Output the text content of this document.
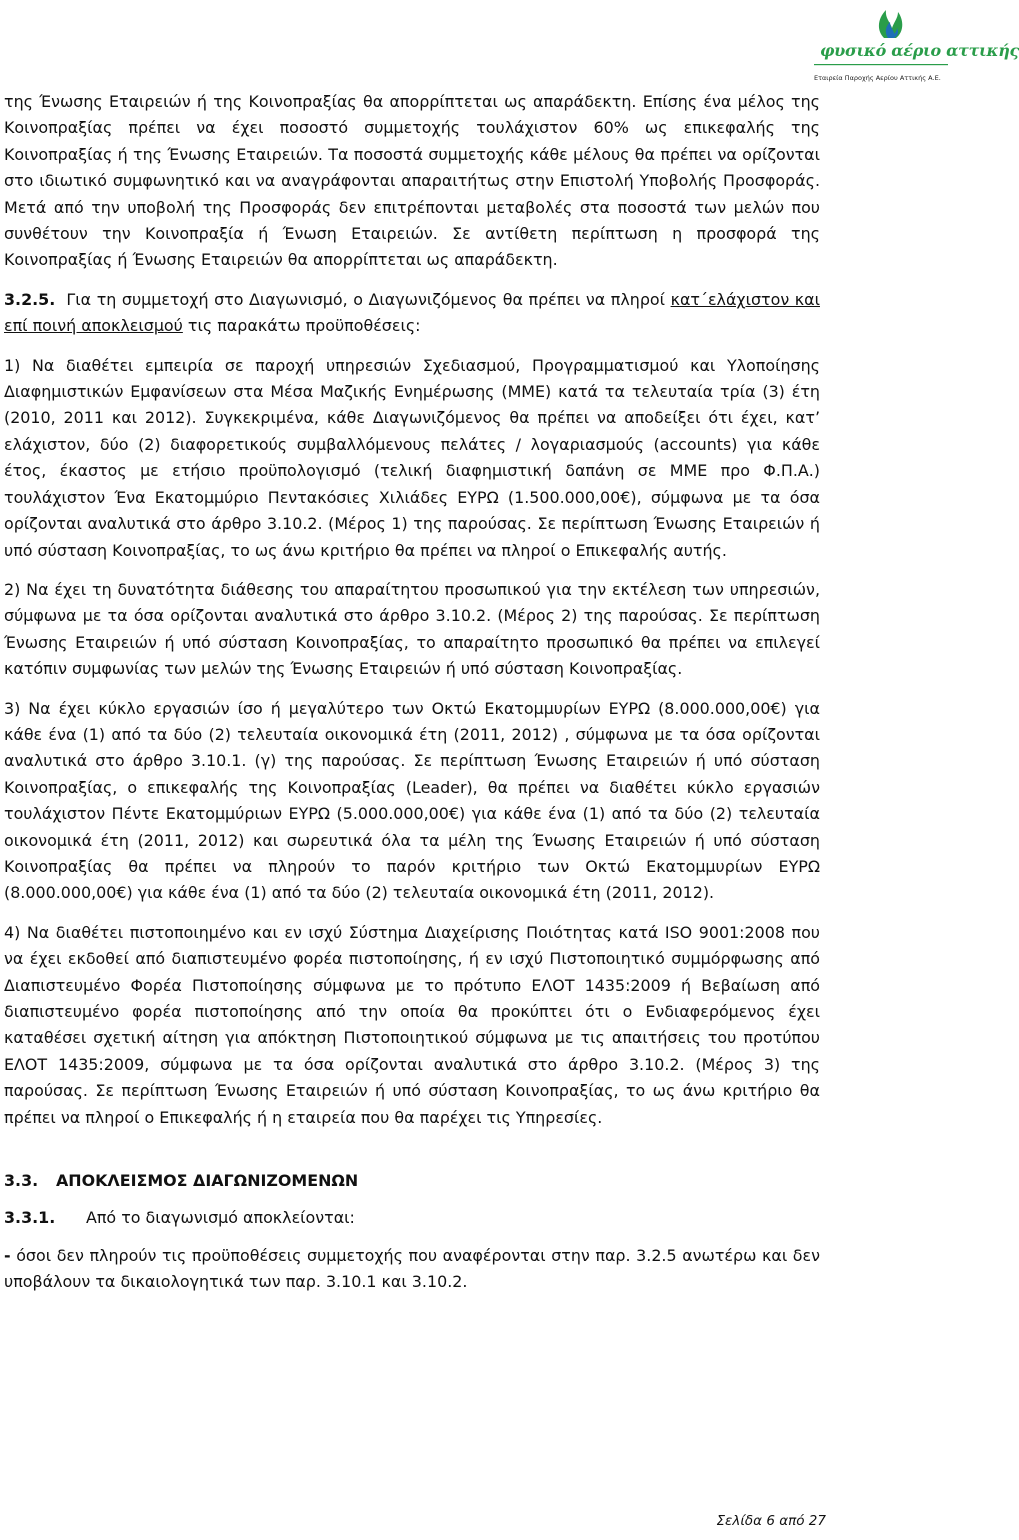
φυσικό αέριο αττικής
Εταιρεία Παροχής Αερίου Αττικής Α.Ε.

της Ένωσης Εταιρειών ή της Κοινοπραξίας θα απορρίπτεται ως απαράδεκτη. Επίσης ένα μέλος της Κοινοπραξίας πρέπει να έχει ποσοστό συμμετοχής τουλάχιστον 60% ως επικεφαλής της Κοινοπραξίας ή της Ένωσης Εταιρειών. Τα ποσοστά συμμετοχής κάθε μέλους θα πρέπει να ορίζονται στο ιδιωτικό συμφωνητικό και να αναγράφονται απαραιτήτως στην Επιστολή Υποβολής Προσφοράς. Μετά από την υποβολή της Προσφοράς δεν επιτρέπονται μεταβολές στα ποσοστά των μελών που συνθέτουν την Κοινοπραξία ή Ένωση Εταιρειών. Σε αντίθετη περίπτωση η προσφορά της Κοινοπραξίας ή Ένωσης Εταιρειών θα απορρίπτεται ως απαράδεκτη.

3.2.5. Για τη συμμετοχή στο Διαγωνισμό, ο Διαγωνιζόμενος θα πρέπει να πληροί κατ΄ελάχιστον και επί ποινή αποκλεισμού τις παρακάτω προϋποθέσεις:

1) Να διαθέτει εμπειρία σε παροχή υπηρεσιών Σχεδιασμού, Προγραμματισμού και Υλοποίησης Διαφημιστικών Εμφανίσεων στα Μέσα Μαζικής Ενημέρωσης (ΜΜΕ) κατά τα τελευταία τρία (3) έτη (2010, 2011 και 2012). Συγκεκριμένα, κάθε Διαγωνιζόμενος θα πρέπει να αποδείξει ότι έχει, κατ’ ελάχιστον, δύο (2) διαφορετικούς συμβαλλόμενους πελάτες / λογαριασμούς (accounts) για κάθε έτος, έκαστος με ετήσιο προϋπολογισμό (τελική διαφημιστική δαπάνη σε ΜΜΕ προ Φ.Π.Α.) τουλάχιστον Ένα Εκατομμύριο Πεντακόσιες Χιλιάδες ΕΥΡΩ (1.500.000,00€), σύμφωνα με τα όσα ορίζονται αναλυτικά στο άρθρο 3.10.2. (Μέρος 1) της παρούσας. Σε περίπτωση Ένωσης Εταιρειών ή υπό σύσταση Κοινοπραξίας, το ως άνω κριτήριο θα πρέπει να πληροί ο Επικεφαλής αυτής.

2) Να έχει τη δυνατότητα διάθεσης του απαραίτητου προσωπικού για την εκτέλεση των υπηρεσιών, σύμφωνα με τα όσα ορίζονται αναλυτικά στο άρθρο 3.10.2. (Μέρος 2) της παρούσας. Σε περίπτωση Ένωσης Εταιρειών ή υπό σύσταση Κοινοπραξίας, το απαραίτητο προσωπικό θα πρέπει να επιλεγεί κατόπιν συμφωνίας των μελών της Ένωσης Εταιρειών ή υπό σύσταση Κοινοπραξίας.

3) Να έχει κύκλο εργασιών ίσο ή μεγαλύτερο των Οκτώ Εκατομμυρίων ΕΥΡΩ (8.000.000,00€) για κάθε ένα (1) από τα δύο (2) τελευταία οικονομικά έτη (2011, 2012) , σύμφωνα με τα όσα ορίζονται αναλυτικά στο άρθρο 3.10.1. (γ) της παρούσας. Σε περίπτωση Ένωσης Εταιρειών ή υπό σύσταση Κοινοπραξίας, ο επικεφαλής της Κοινοπραξίας (Leader), θα πρέπει να διαθέτει κύκλο εργασιών τουλάχιστον Πέντε Εκατομμύριων ΕΥΡΩ (5.000.000,00€) για κάθε ένα (1) από τα δύο (2) τελευταία οικονομικά έτη (2011, 2012) και σωρευτικά όλα τα μέλη της Ένωσης Εταιρειών ή υπό σύσταση Κοινοπραξίας θα πρέπει να πληρούν το παρόν κριτήριο των Οκτώ Εκατομμυρίων ΕΥΡΩ (8.000.000,00€) για κάθε ένα (1) από τα δύο (2) τελευταία οικονομικά έτη (2011, 2012).

4) Να διαθέτει πιστοποιημένο και εν ισχύ Σύστημα Διαχείρισης Ποιότητας κατά ISO 9001:2008 που να έχει εκδοθεί από διαπιστευμένο φορέα πιστοποίησης, ή εν ισχύ Πιστοποιητικό συμμόρφωσης από Διαπιστευμένο Φορέα Πιστοποίησης σύμφωνα με το πρότυπο ΕΛΟΤ 1435:2009 ή Βεβαίωση από διαπιστευμένο φορέα πιστοποίησης από την οποία θα προκύπτει ότι ο Ενδιαφερόμενος έχει καταθέσει σχετική αίτηση για απόκτηση Πιστοποιητικού σύμφωνα με τις απαιτήσεις του προτύπου ΕΛΟΤ 1435:2009, σύμφωνα με τα όσα ορίζονται αναλυτικά στο άρθρο 3.10.2. (Μέρος 3) της παρούσας. Σε περίπτωση Ένωσης Εταιρειών ή υπό σύσταση Κοινοπραξίας, το ως άνω κριτήριο θα πρέπει να πληροί ο Επικεφαλής ή η εταιρεία που θα παρέχει τις Υπηρεσίες.

3.3. ΑΠΟΚΛΕΙΣΜΟΣ ΔΙΑΓΩΝΙΖΟΜΕΝΩΝ

3.3.1. Από το διαγωνισμό αποκλείονται:

- όσοι δεν πληρούν τις προϋποθέσεις συμμετοχής που αναφέρονται στην παρ. 3.2.5 ανωτέρω και δεν υποβάλουν τα δικαιολογητικά των παρ. 3.10.1 και 3.10.2.

Σελίδα 6 από 27
